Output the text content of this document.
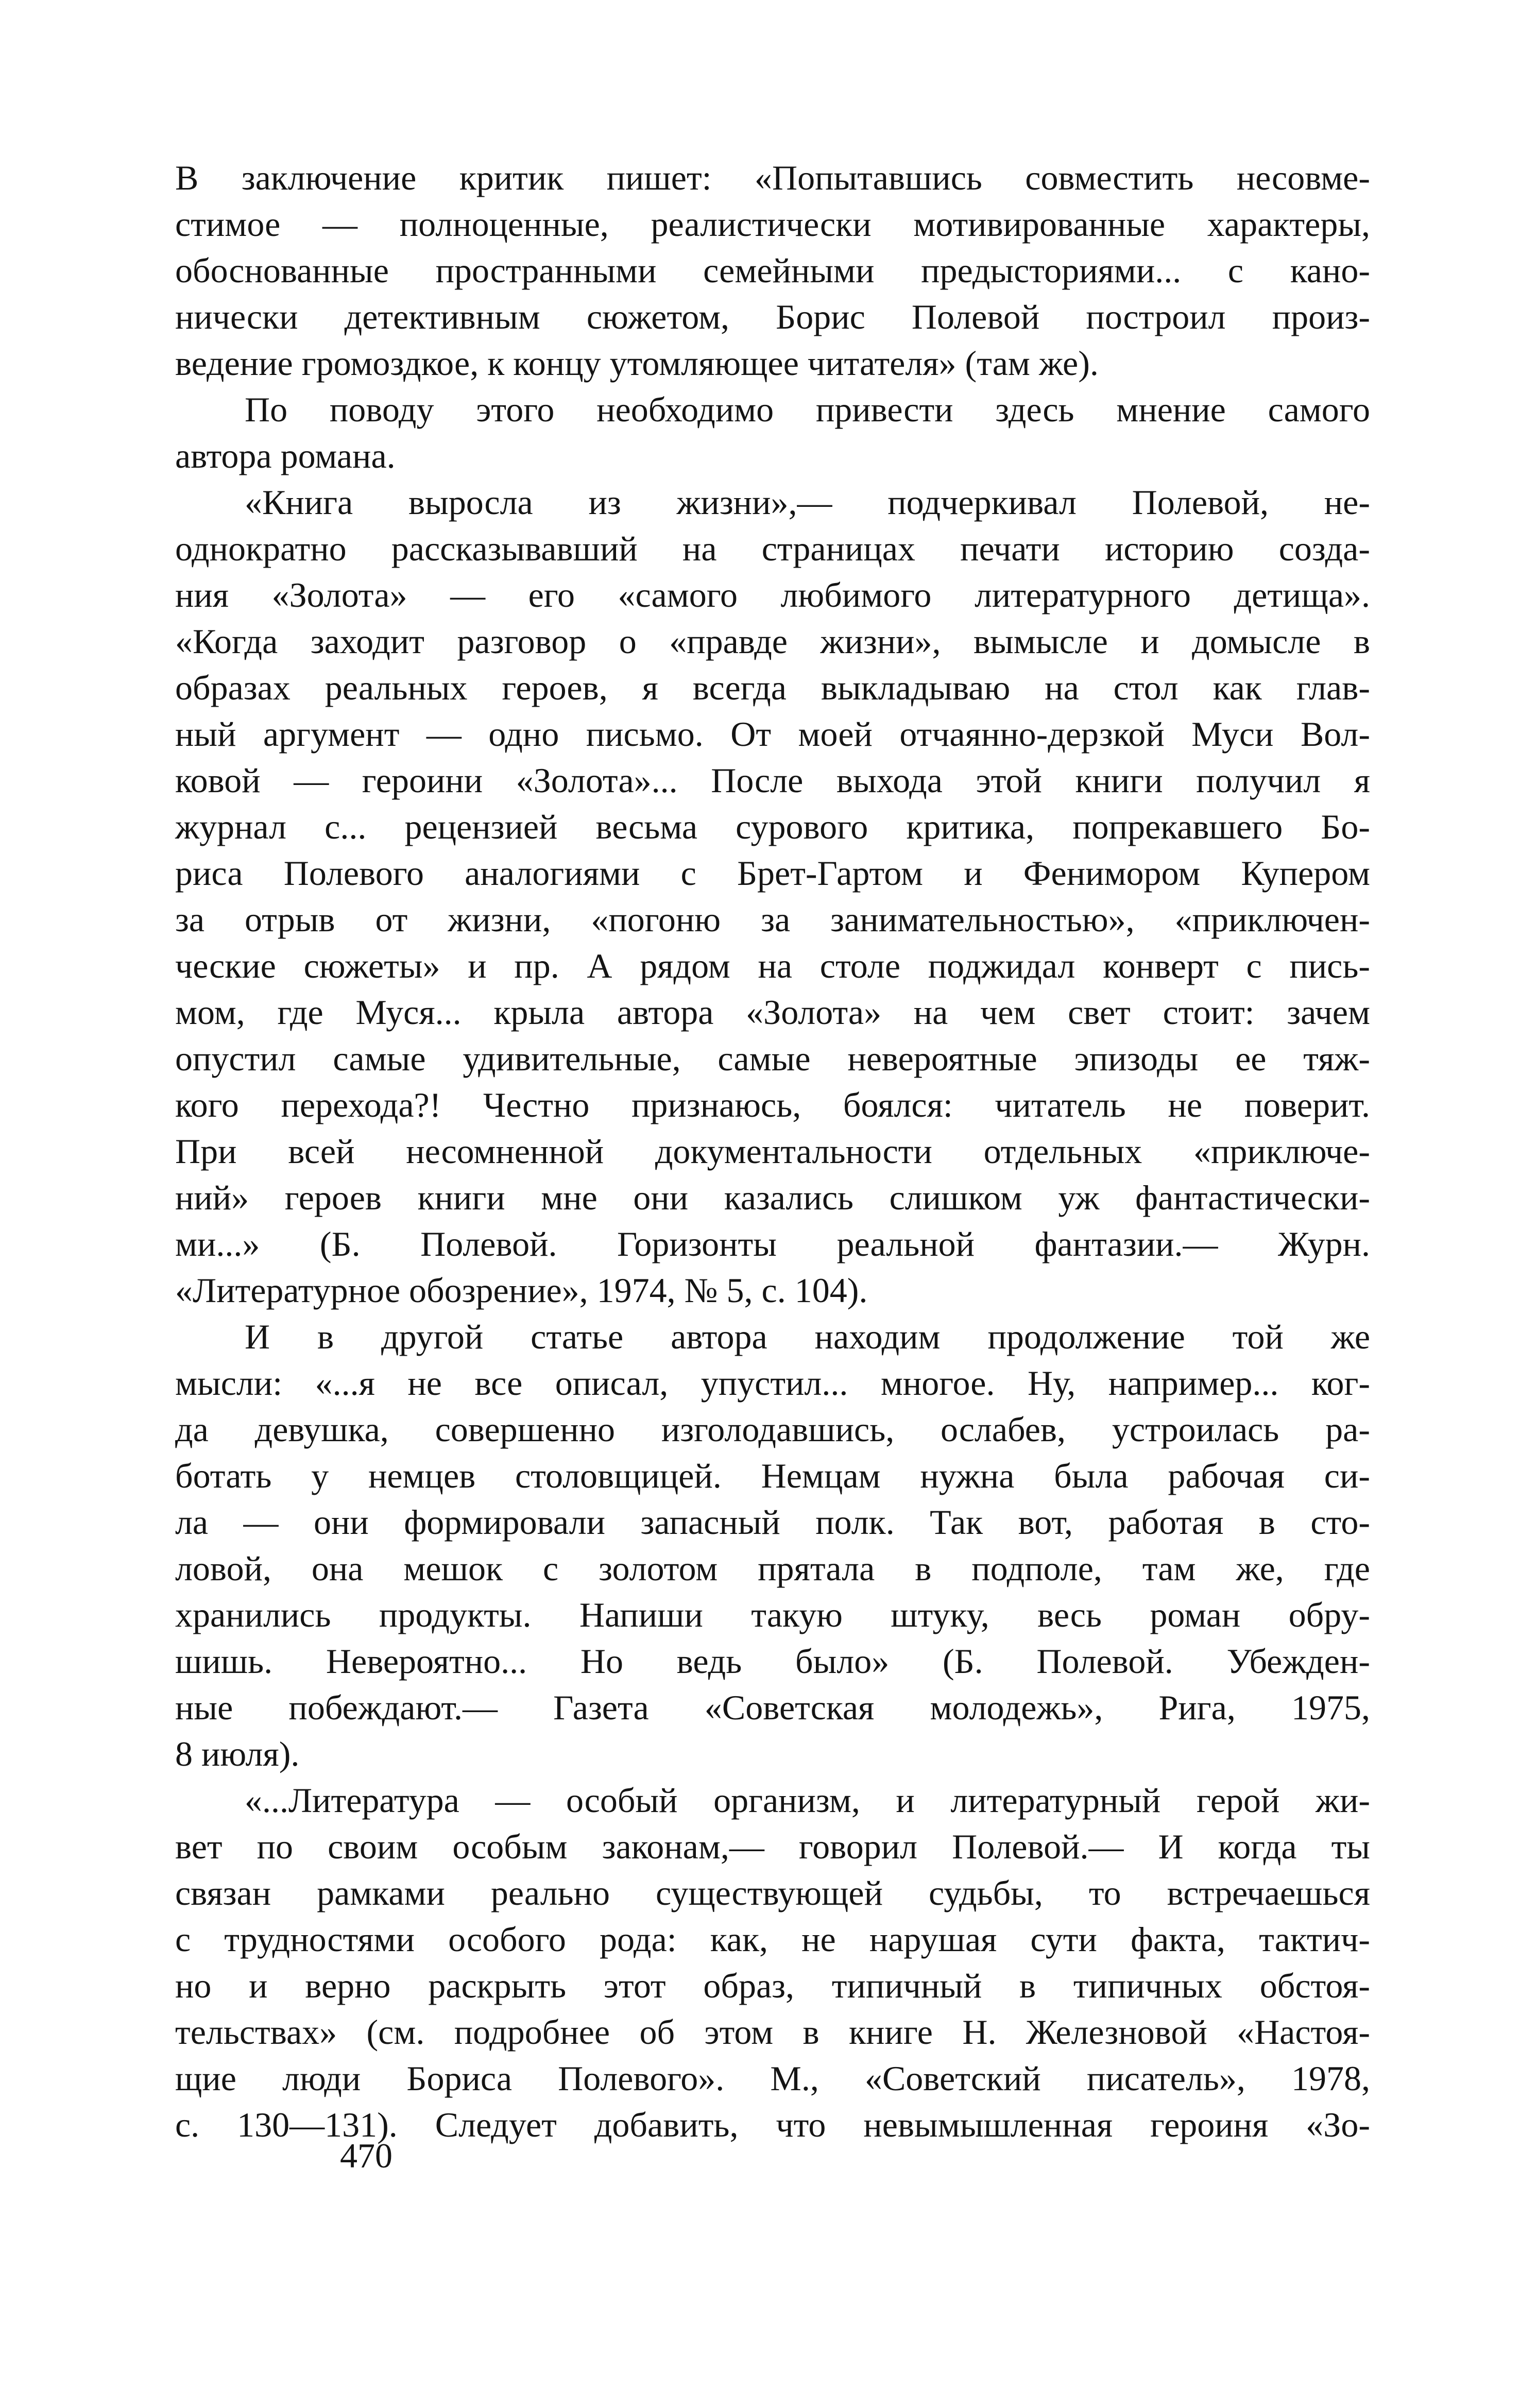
В заключение критик пишет: «Попытавшись совместить несовме-
стимое — полноценные, реалистически мотивированные характеры,
обоснованные пространными семейными предысториями... с кано-
нически детективным сюжетом, Борис Полевой построил произ-
ведение громоздкое, к концу утомляющее читателя» (там же).
По поводу этого необходимо привести здесь мнение самого
автора романа.
«Книга выросла из жизни»,— подчеркивал Полевой, не-
однократно рассказывавший на страницах печати историю созда-
ния «Золота» — его «самого любимого литературного детища».
«Когда заходит разговор о «правде жизни», вымысле и домысле в
образах реальных героев, я всегда выкладываю на стол как глав-
ный аргумент — одно письмо. От моей отчаянно-дерзкой Муси Вол-
ковой — героини «Золота»... После выхода этой книги получил я
журнал с... рецензией весьма сурового критика, попрекавшего Бо-
риса Полевого аналогиями с Брет-Гартом и Фенимором Купером
за отрыв от жизни, «погоню за занимательностью», «приключен-
ческие сюжеты» и пр. А рядом на столе поджидал конверт с пись-
мом, где Муся... крыла автора «Золота» на чем свет стоит: зачем
опустил самые удивительные, самые невероятные эпизоды ее тяж-
кого перехода?! Честно признаюсь, боялся: читатель не поверит.
При всей несомненной документальности отдельных «приключе-
ний» героев книги мне они казались слишком уж фантастически-
ми...» (Б. Полевой. Горизонты реальной фантазии.— Журн.
«Литературное обозрение», 1974, № 5, с. 104).
И в другой статье автора находим продолжение той же
мысли: «...я не все описал, упустил... многое. Ну, например... ког-
да девушка, совершенно изголодавшись, ослабев, устроилась ра-
ботать у немцев столовщицей. Немцам нужна была рабочая си-
ла — они формировали запасный полк. Так вот, работая в сто-
ловой, она мешок с золотом прятала в подполе, там же, где
хранились продукты. Напиши такую штуку, весь роман обру-
шишь. Невероятно... Но ведь было» (Б. Полевой. Убежден-
ные побеждают.— Газета «Советская молодежь», Рига, 1975,
8 июля).
«...Литература — особый организм, и литературный герой жи-
вет по своим особым законам,— говорил Полевой.— И когда ты
связан рамками реально существующей судьбы, то встречаешься
с трудностями особого рода: как, не нарушая сути факта, тактич-
но и верно раскрыть этот образ, типичный в типичных обстоя-
тельствах» (см. подробнее об этом в книге Н. Железновой «Настоя-
щие люди Бориса Полевого». М., «Советский писатель», 1978,
с. 130—131). Следует добавить, что невымышленная героиня «Зо-
470
